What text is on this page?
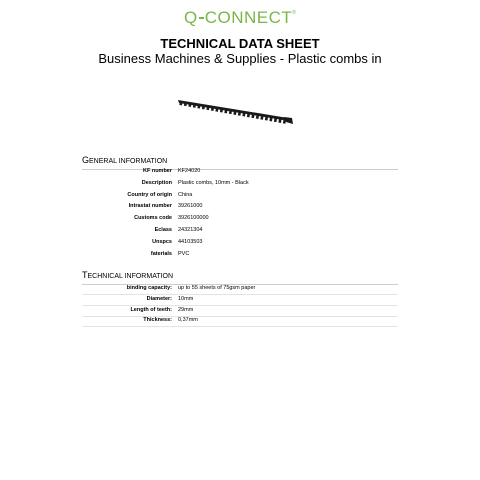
Q CONNECT®
TECHNICAL DATA SHEET
Business Machines & Supplies - Plastic combs in
GENERAL INFORMATION
KF number KF24020
Description Plastic combs, 10mm - Black
Country of origin China
Intrastat number 39261000
Customs code 3926100000
Eclass 24321304
Unspcs 44103503
faterials PVC
TECHNICAL INFORMATION
binding capacity: up to 55 sheets of 75gsm paper
Diameter: 10mm
Length of teeth: 29mm
Thickness: 0,37mm
